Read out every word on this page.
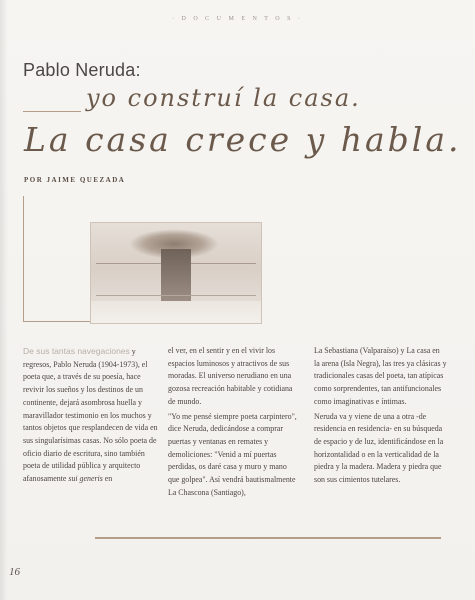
· D O C U M E N T O S ·
Pablo Neruda:
yo construí la casa.
La casa crece y habla.
POR JAIME QUEZADA

De sus tantas navegaciones y regresos, Pablo Neruda (1904-1973), el poeta que, a través de su poesía, hace revivir los sueños y los destinos de un continente, dejará asombrosa huella y maravillador testimonio en los muchos y tantos objetos que resplandecen de vida en sus singularísimas casas. No sólo poeta de oficio diario de escritura, sino también poeta de utilidad pública y arquitecto afanosamente sui generis en

el ver, en el sentir y en el vivir los espacios luminosos y atractivos de sus moradas. El universo nerudiano en una gozosa recreación habitable y cotidiana de mundo.

"Yo me pensé siempre poeta carpintero", dice Neruda, dedicándose a comprar puertas y ventanas en remates y demoliciones: "Venid a mí puertas perdidas, os daré casa y muro y mano que golpea". Así vendrá bautismalmente La Chascona (Santiago),

La Sebastiana (Valparaíso) y La casa en la arena (Isla Negra), las tres ya clásicas y tradicionales casas del poeta, tan atípicas como sorprendentes, tan antifuncionales como imaginativas e íntimas.

Neruda va y viene de una a otra -de residencia en residencia- en su búsqueda de espacio y de luz, identificándose en la horizontalidad o en la verticalidad de la piedra y la madera. Madera y piedra que son sus cimientos tutelares.

16
